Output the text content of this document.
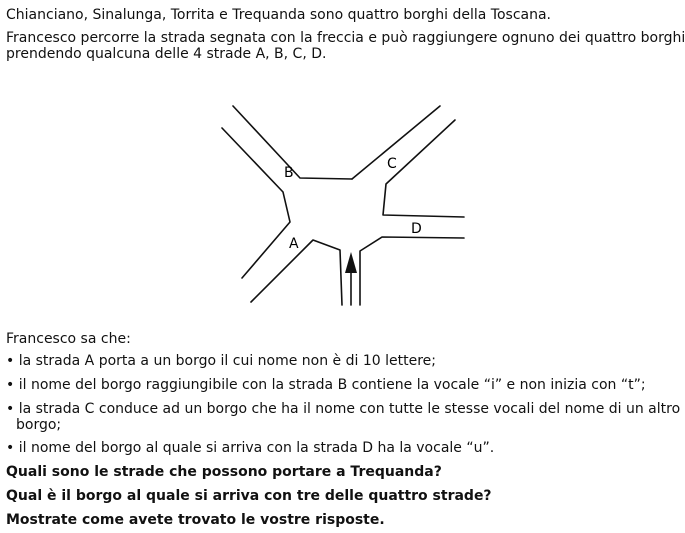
Chianciano, Sinalunga, Torrita e Trequanda sono quattro borghi della Toscana.
Francesco percorre la strada segnata con la freccia e può raggiungere ognuno dei quattro borghi
prendendo qualcuna delle 4 strade A, B, C, D.
B
C
A
D
Francesco sa che:
• la strada A porta a un borgo il cui nome non è di 10 lettere;
• il nome del borgo raggiungibile con la strada B contiene la vocale “i” e non inizia con “t”;
• la strada C conduce ad un borgo che ha il nome con tutte le stesse vocali del nome di un altro
borgo;
• il nome del borgo al quale si arriva con la strada D ha la vocale “u”.
Quali sono le strade che possono portare a Trequanda?
Qual è il borgo al quale si arriva con tre delle quattro strade?
Mostrate come avete trovato le vostre risposte.
